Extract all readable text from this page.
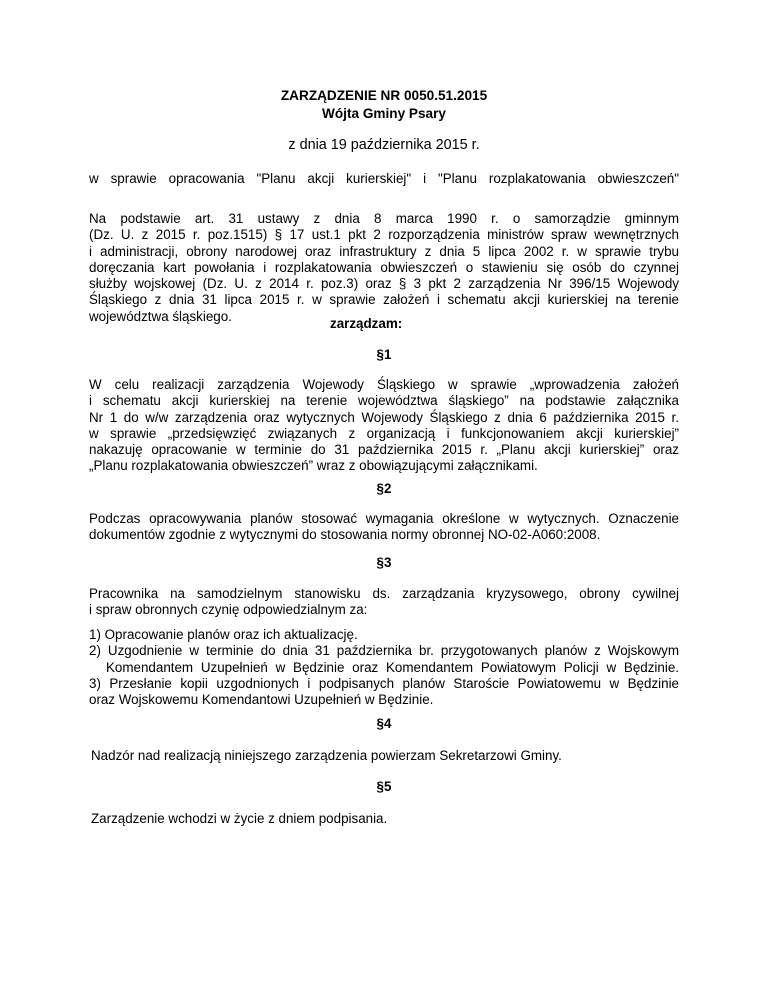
ZARZĄDZENIE NR 0050.51.2015
Wójta Gminy Psary
z dnia 19 października 2015 r.
w sprawie opracowania "Planu akcji kurierskiej" i "Planu rozplakatowania obwieszczeń"
Na podstawie art. 31 ustawy z dnia 8 marca 1990 r. o samorządzie gminnym
(Dz. U. z 2015 r. poz.1515) § 17 ust.1 pkt 2 rozporządzenia ministrów spraw wewnętrznych
i administracji, obrony narodowej oraz infrastruktury z dnia 5 lipca 2002 r. w sprawie trybu
doręczania kart powołania i rozplakatowania obwieszczeń o stawieniu się osób do czynnej
służby wojskowej (Dz. U. z 2014 r. poz.3) oraz § 3 pkt 2 zarządzenia Nr 396/15 Wojewody
Śląskiego z dnia 31 lipca 2015 r. w sprawie założeń i schematu akcji kurierskiej na terenie
województwa śląskiego.	zarządzam:
§1
W celu realizacji zarządzenia Wojewody Śląskiego w sprawie „wprowadzenia założeń
i schematu akcji kurierskiej na terenie województwa śląskiego” na podstawie załącznika
Nr 1 do w/w zarządzenia oraz wytycznych Wojewody Śląskiego z dnia 6 października 2015 r.
w sprawie „przedsięwzięć związanych z organizacją i funkcjonowaniem akcji kurierskiej”
nakazuję opracowanie w terminie do 31 października 2015 r. „Planu akcji kurierskiej” oraz
„Planu rozplakatowania obwieszczeń” wraz z obowiązującymi załącznikami.
§2
Podczas opracowywania planów stosować wymagania określone w wytycznych. Oznaczenie
dokumentów zgodnie z wytycznymi do stosowania normy obronnej NO-02-A060:2008.
§3
Pracownika na samodzielnym stanowisku ds. zarządzania kryzysowego, obrony cywilnej
i spraw obronnych czynię odpowiedzialnym za:
1) Opracowanie planów oraz ich aktualizację.
2) Uzgodnienie w terminie do dnia 31 października br. przygotowanych planów z Wojskowym
Komendantem Uzupełnień w Będzinie oraz Komendantem Powiatowym Policji w Będzinie.
3) Przesłanie kopii uzgodnionych i podpisanych planów Staroście Powiatowemu w Będzinie
oraz Wojskowemu Komendantowi Uzupełnień w Będzinie.
§4
Nadzór nad realizacją niniejszego zarządzenia powierzam Sekretarzowi Gminy.
§5
Zarządzenie wchodzi w życie z dniem podpisania.
